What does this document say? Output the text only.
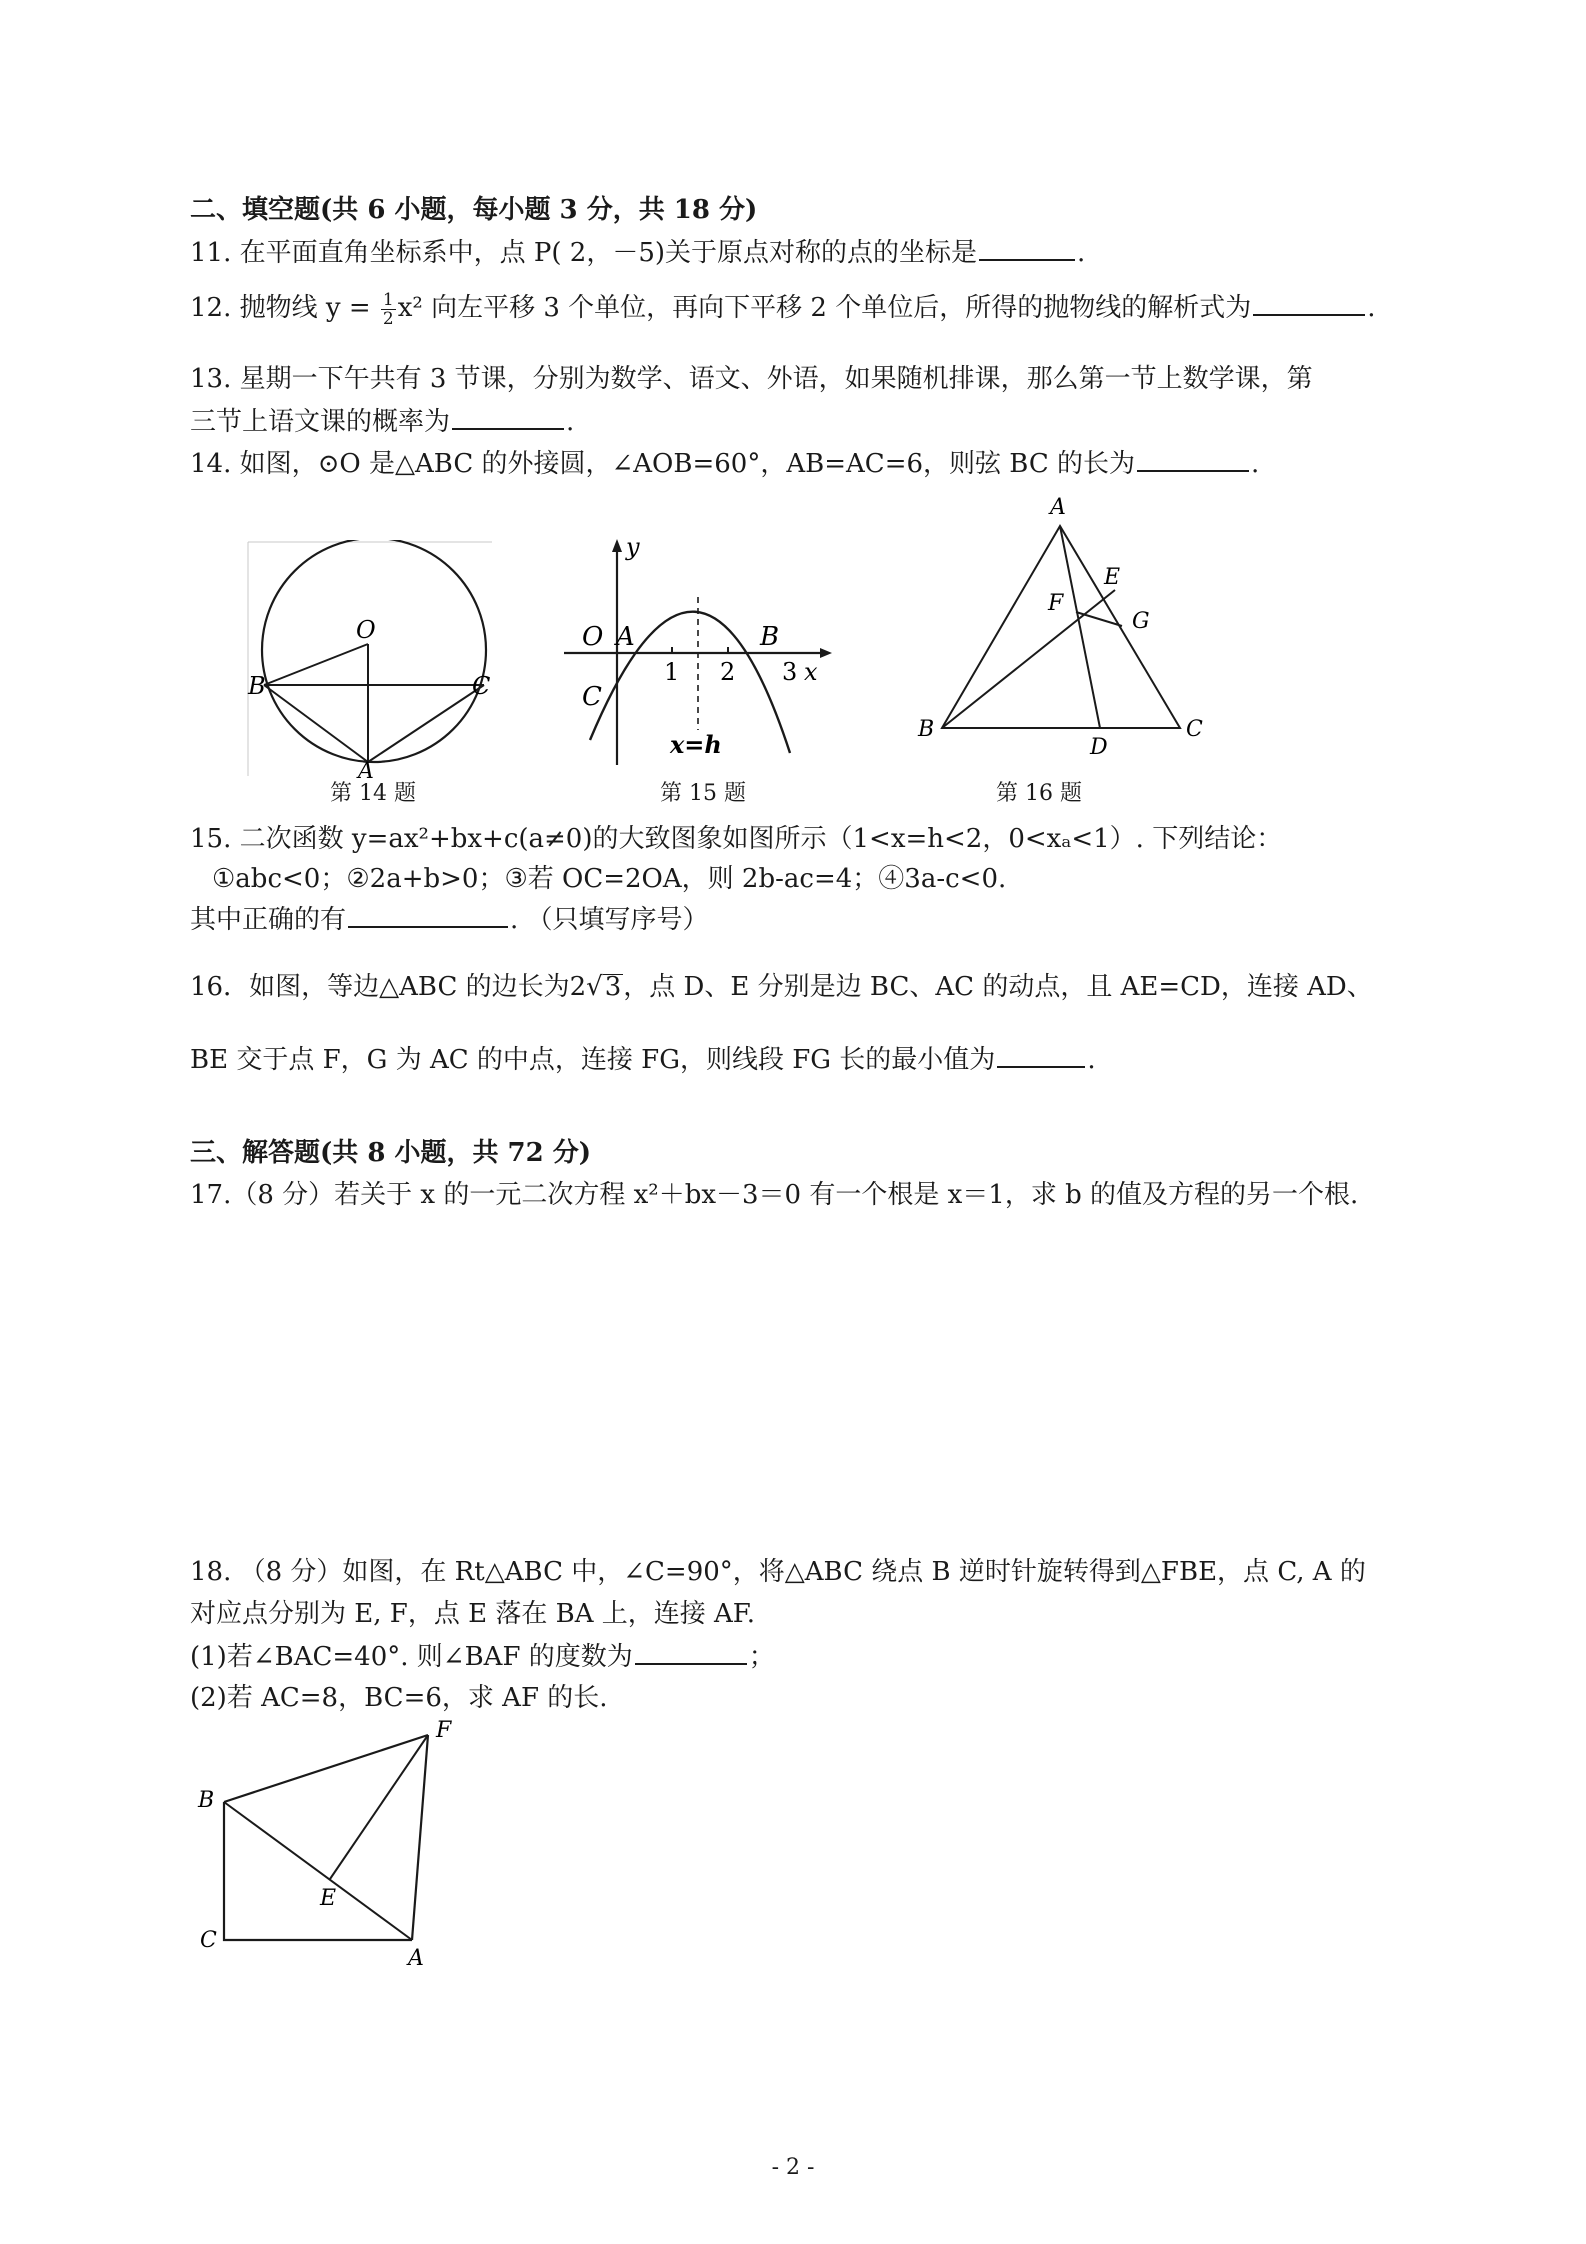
二、填空题(共 6 小题，每小题 3 分，共 18 分)
11. 在平面直角坐标系中，点 P( 2，－5)关于原点对称的点的坐标是	.
12. 抛物线 $y = \frac{1}{2} x^2$ 向左平移 3 个单位，再向下平移 2 个单位后，所得的抛物线的解析式为	.
13. 星期一下午共有 3 节课，分别为数学、语文、外语，如果随机排课，那么第一节上数学课，第
三节上语文课的概率为	.
14. 如图，⊙O 是△ABC 的外接圆，∠AOB=60°，AB=AC=6，则弦 BC 的长为	.
O
B	C
A
第 14 题
y
O A	B
C
1 2 3 x
x=h
第 15 题
A
E
F
G
B
D
C
第 16 题
15. 二次函数 y=ax²+bx+c(a≠0)的大致图象如图所示（1<x=h<2，0<xₐ<1）. 下列结论：
①abc<0；②2a+b>0；③若 OC=2OA，则 2b-ac=4；④3a-c<0.
其中正确的有	. （只填写序号）
16．如图，等边△ABC 的边长为2√3，点 D、E 分别是边 BC、AC 的动点，且 AE=CD，连接 AD、
BE 交于点 F，G 为 AC 的中点，连接 FG，则线段 FG 长的最小值为	.
三、解答题(共 8 小题，共 72 分)
17.（8 分）若关于 x 的一元二次方程 x²＋bx－3＝0 有一个根是 x＝1，求 b 的值及方程的另一个根.
18. （8 分）如图，在 Rt△ABC 中，∠C=90°，将△ABC 绕点 B 逆时针旋转得到△FBE，点 C, A 的
对应点分别为 E, F，点 E 落在 BA 上，连接 AF.
(1)若∠BAC=40°. 则∠BAF 的度数为	；
(2)若 AC=8，BC=6，求 AF 的长.
B
F
E
C
A
- 2 -
